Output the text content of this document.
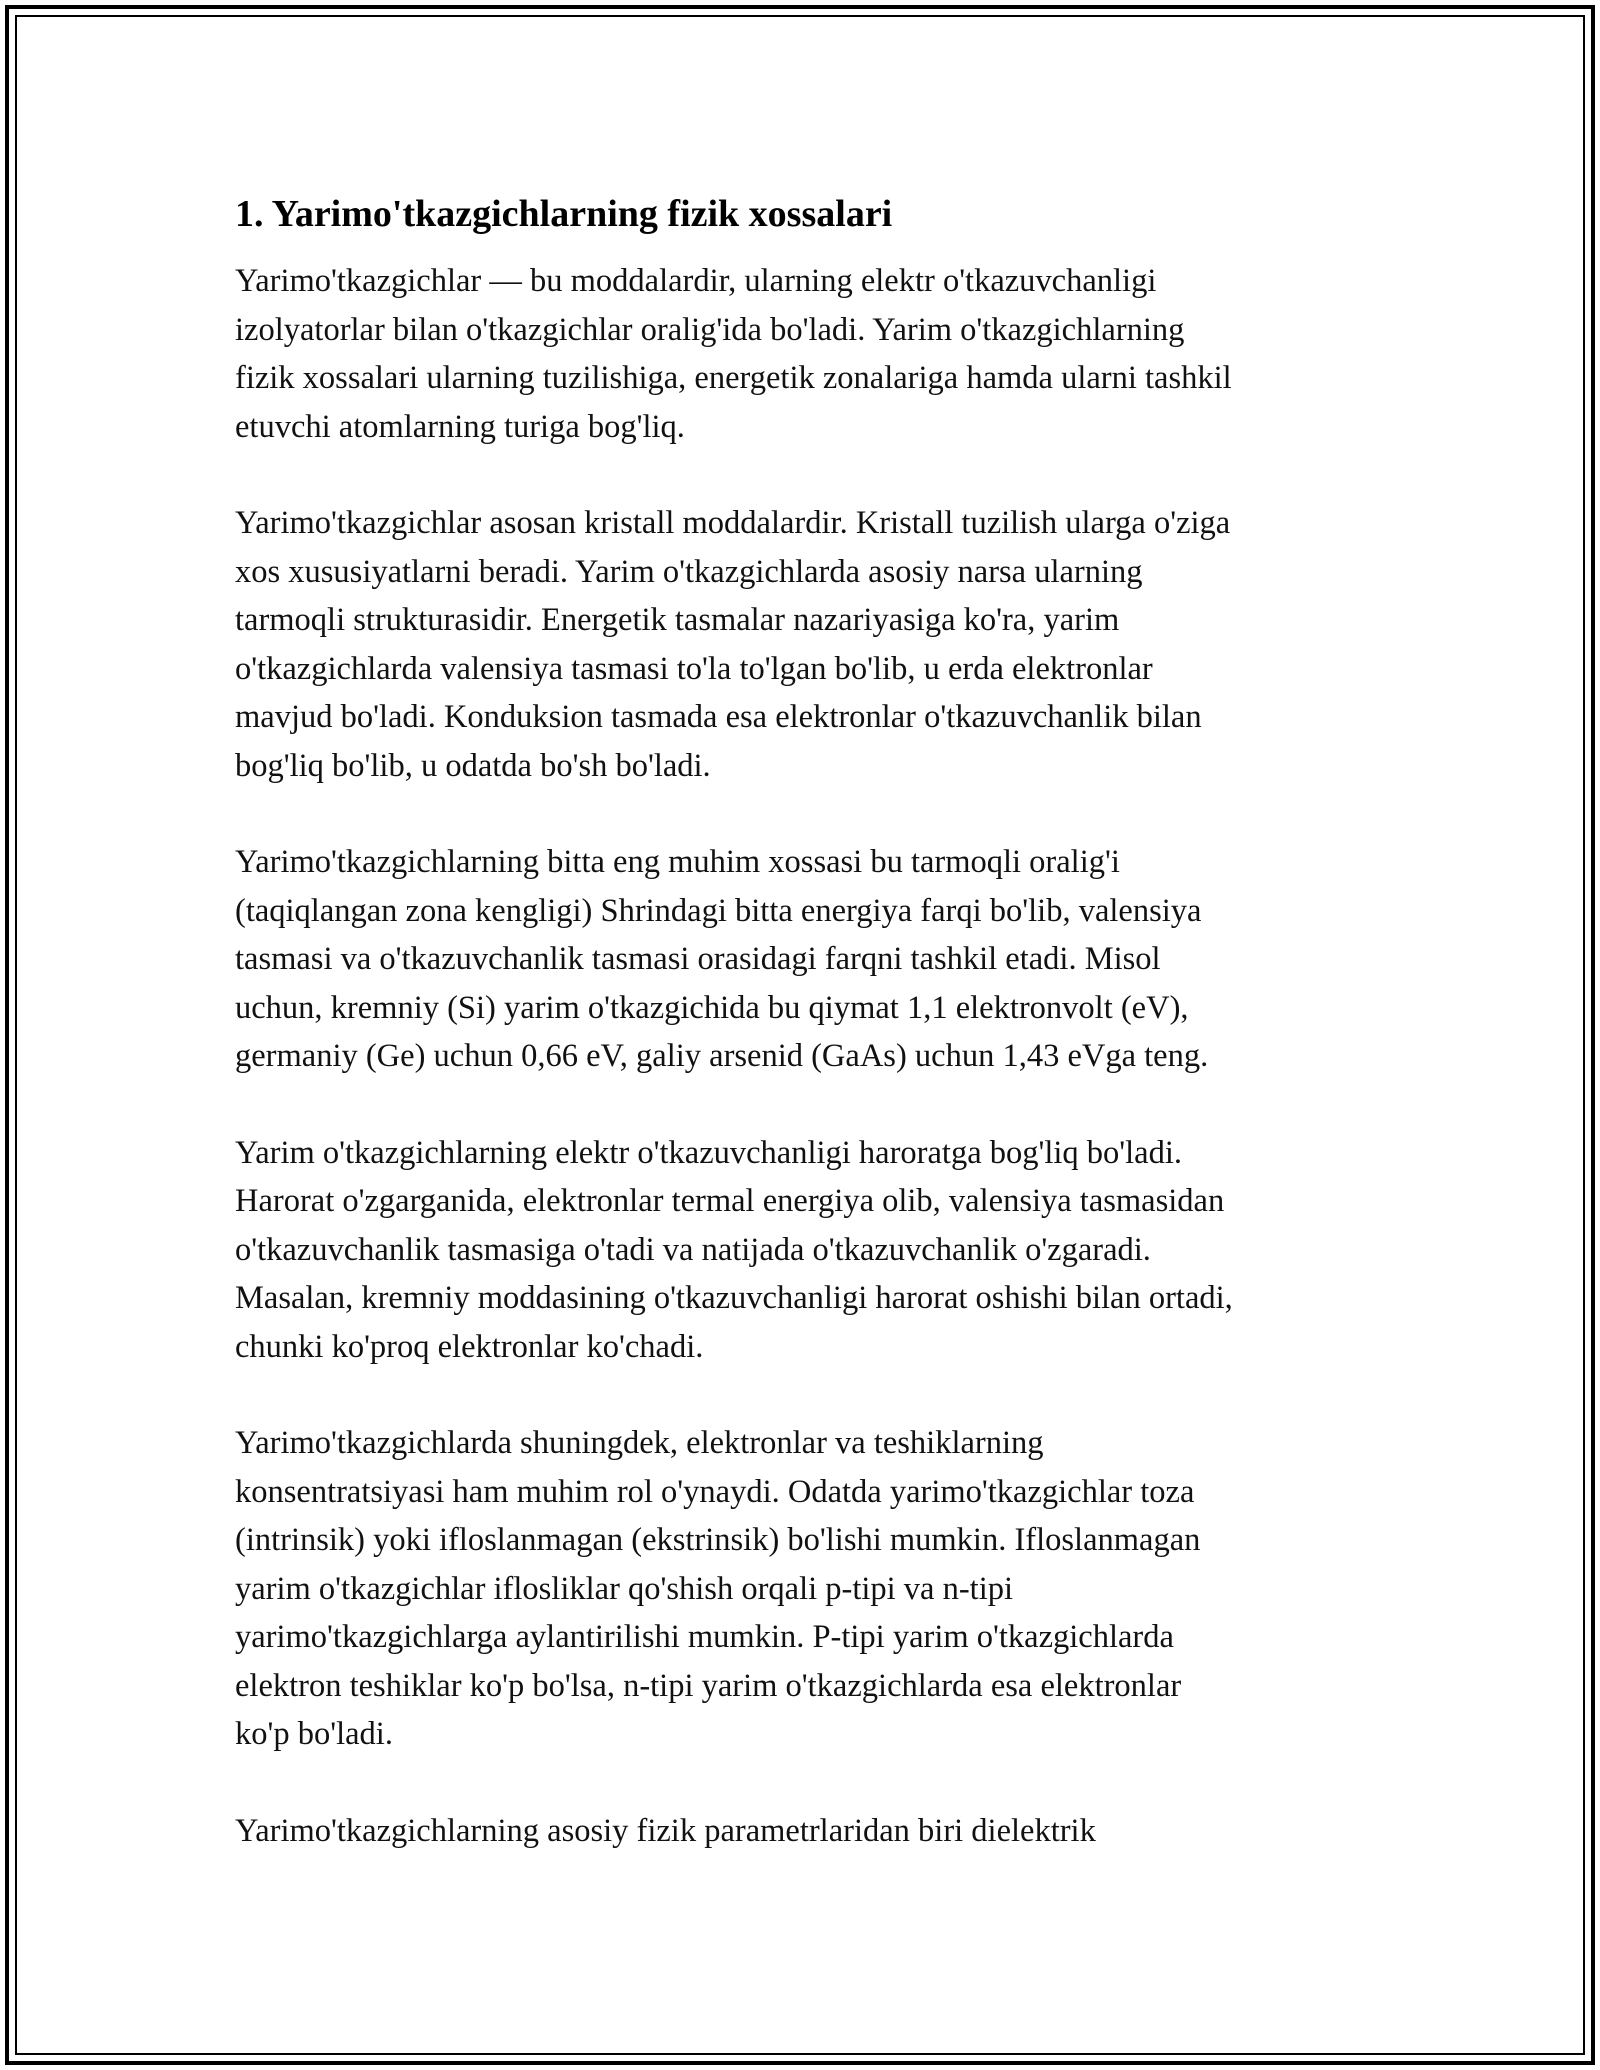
1. Yarimo'tkazgichlarning fizik xossalari

Yarimo'tkazgichlar — bu moddalardir, ularning elektr o'tkazuvchanligi
izolyatorlar bilan o'tkazgichlar oralig'ida bo'ladi. Yarim o'tkazgichlarning
fizik xossalari ularning tuzilishiga, energetik zonalariga hamda ularni tashkil
etuvchi atomlarning turiga bog'liq.

Yarimo'tkazgichlar asosan kristall moddalardir. Kristall tuzilish ularga o'ziga
xos xususiyatlarni beradi. Yarim o'tkazgichlarda asosiy narsa ularning
tarmoqli strukturasidir. Energetik tasmalar nazariyasiga ko'ra, yarim
o'tkazgichlarda valensiya tasmasi to'la to'lgan bo'lib, u erda elektronlar
mavjud bo'ladi. Konduksion tasmada esa elektronlar o'tkazuvchanlik bilan
bog'liq bo'lib, u odatda bo'sh bo'ladi.

Yarimo'tkazgichlarning bitta eng muhim xossasi bu tarmoqli oralig'i
(taqiqlangan zona kengligi) Shrindagi bitta energiya farqi bo'lib, valensiya
tasmasi va o'tkazuvchanlik tasmasi orasidagi farqni tashkil etadi. Misol
uchun, kremniy (Si) yarim o'tkazgichida bu qiymat 1,1 elektronvolt (eV),
germaniy (Ge) uchun 0,66 eV, galiy arsenid (GaAs) uchun 1,43 eVga teng.

Yarim o'tkazgichlarning elektr o'tkazuvchanligi haroratga bog'liq bo'ladi.
Harorat o'zgarganida, elektronlar termal energiya olib, valensiya tasmasidan
o'tkazuvchanlik tasmasiga o'tadi va natijada o'tkazuvchanlik o'zgaradi.
Masalan, kremniy moddasining o'tkazuvchanligi harorat oshishi bilan ortadi,
chunki ko'proq elektronlar ko'chadi.

Yarimo'tkazgichlarda shuningdek, elektronlar va teshiklarning
konsentratsiyasi ham muhim rol o'ynaydi. Odatda yarimo'tkazgichlar toza
(intrinsik) yoki ifloslanmagan (ekstrinsik) bo'lishi mumkin. Ifloslanmagan
yarim o'tkazgichlar iflosliklar qo'shish orqali p-tipi va n-tipi
yarimo'tkazgichlarga aylantirilishi mumkin. P-tipi yarim o'tkazgichlarda
elektron teshiklar ko'p bo'lsa, n-tipi yarim o'tkazgichlarda esa elektronlar
ko'p bo'ladi.

Yarimo'tkazgichlarning asosiy fizik parametrlaridan biri dielektrik
